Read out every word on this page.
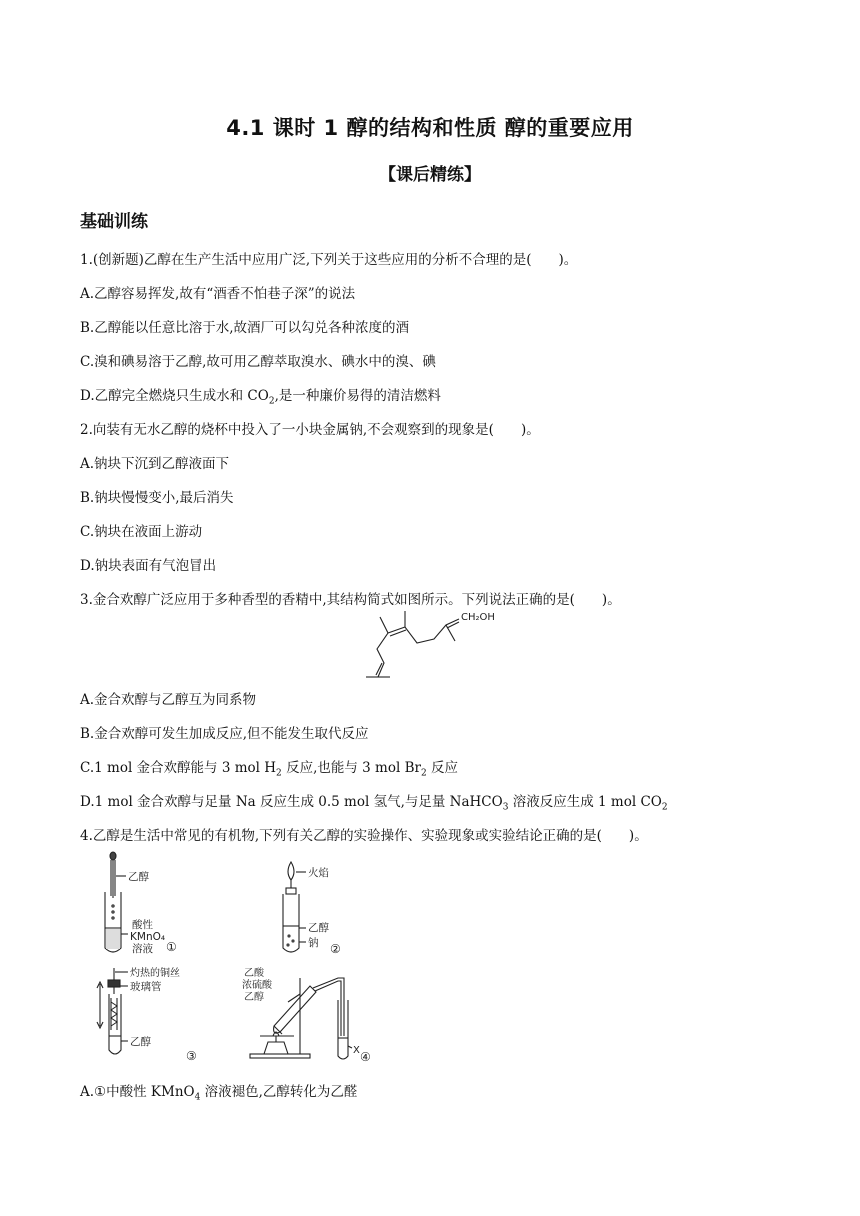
4.1 课时 1 醇的结构和性质 醇的重要应用
【课后精练】
基础训练
1.(创新题)乙醇在生产生活中应用广泛,下列关于这些应用的分析不合理的是(　　)。
A.乙醇容易挥发,故有“酒香不怕巷子深”的说法
B.乙醇能以任意比溶于水,故酒厂可以勾兑各种浓度的酒
C.溴和碘易溶于乙醇,故可用乙醇萃取溴水、碘水中的溴、碘
D.乙醇完全燃烧只生成水和 $CO_2$,是一种廉价易得的清洁燃料
2.向装有无水乙醇的烧杯中投入了一小块金属钠,不会观察到的现象是(　　)。
A.钠块下沉到乙醇液面下
B.钠块慢慢变小,最后消失
C.钠块在液面上游动
D.钠块表面有气泡冒出
3.金合欢醇广泛应用于多种香型的香精中,其结构简式如图所示。下列说法正确的是(　　)。
CH₂OH
A.金合欢醇与乙醇互为同系物
B.金合欢醇可发生加成反应,但不能发生取代反应
C.1 mol 金合欢醇能与 3 mol $H_2$ 反应,也能与 3 mol $Br_2$ 反应
D.1 mol 金合欢醇与足量 Na 反应生成 0.5 mol 氢气,与足量 NaHCO$_3$ 溶液反应生成 1 mol $CO_2$
4.乙醇是生活中常见的有机物,下列有关乙醇的实验操作、实验现象或实验结论正确的是(　　)。
乙醇
酸性
KMnO₄
溶液 ①
火焰
乙醇
钠 ②
灼热的铜丝
玻璃管
乙醇
③
乙酸
浓硫酸
乙醇
X ④
A.①中酸性 KMnO$_4$ 溶液褪色,乙醇转化为乙醛
